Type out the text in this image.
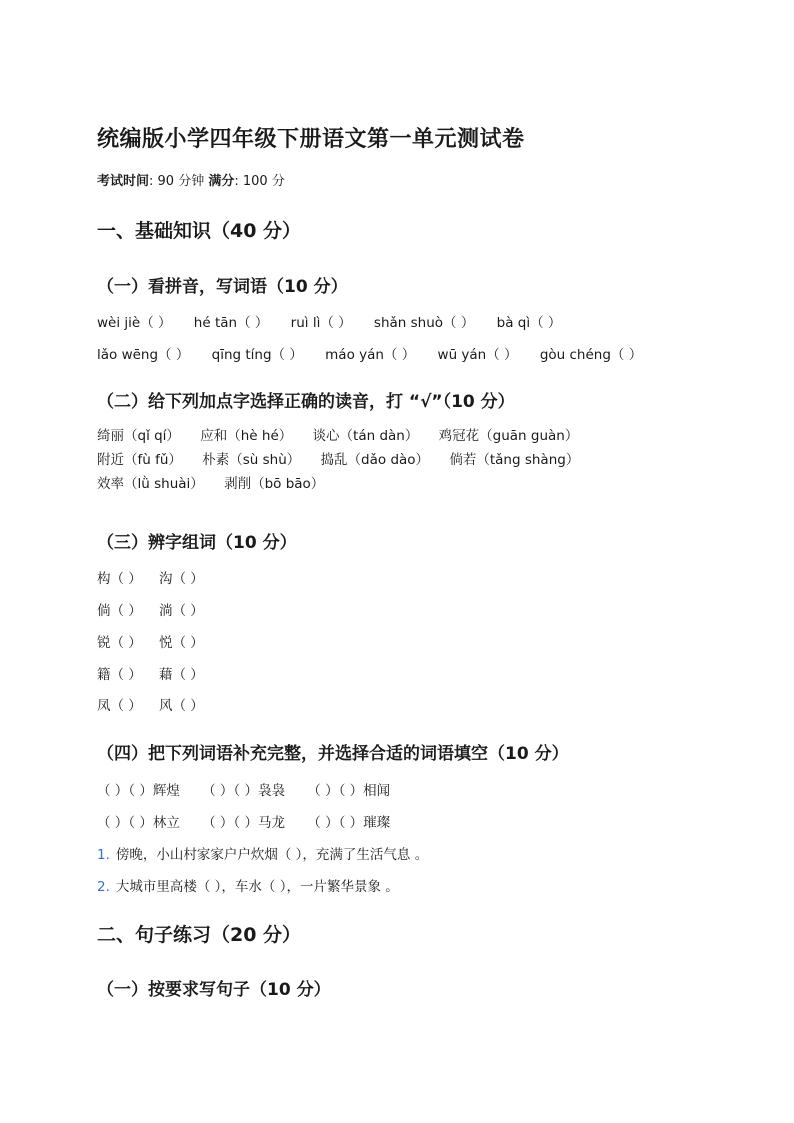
统编版小学四年级下册语文第一单元测试卷
考试时间: 90 分钟 满分: 100 分
一、基础知识（40 分）
（一）看拼音，写词语（10 分）
wèi jiè（ ） hé tān（ ） ruì lì（ ） shǎn shuò（ ） bà qì（ ）
lǎo wēng（ ） qīng tíng（ ） máo yán（ ） wū yán（ ） gòu chéng（ ）
（二）给下列加点字选择正确的读音，打 “√”（10 分）
绮丽（qǐ qí） 应和（hè hé） 谈心（tán dàn） 鸡冠花（guān guàn） 附近（fù fǔ） 朴素（sù shù） 捣乱（dǎo dào） 倘若（tǎng shàng） 效率（lǜ shuài） 剥削（bō bāo）
（三）辨字组词（10 分）
构（ ） 沟（ ）
倘（ ） 淌（ ）
锐（ ） 悦（ ）
籍（ ） 藉（ ）
凤（ ） 风（ ）
（四）把下列词语补充完整，并选择合适的词语填空（10 分）
（ ）（ ）辉煌 （ ）（ ）袅袅 （ ）（ ）相闻
（ ）（ ）林立 （ ）（ ）马龙 （ ）（ ）璀璨
1. 傍晚，小山村家家户户炊烟（ ），充满了生活气息 。
2. 大城市里高楼（ ），车水（ ），一片繁华景象 。
二、句子练习（20 分）
（一）按要求写句子（10 分）
